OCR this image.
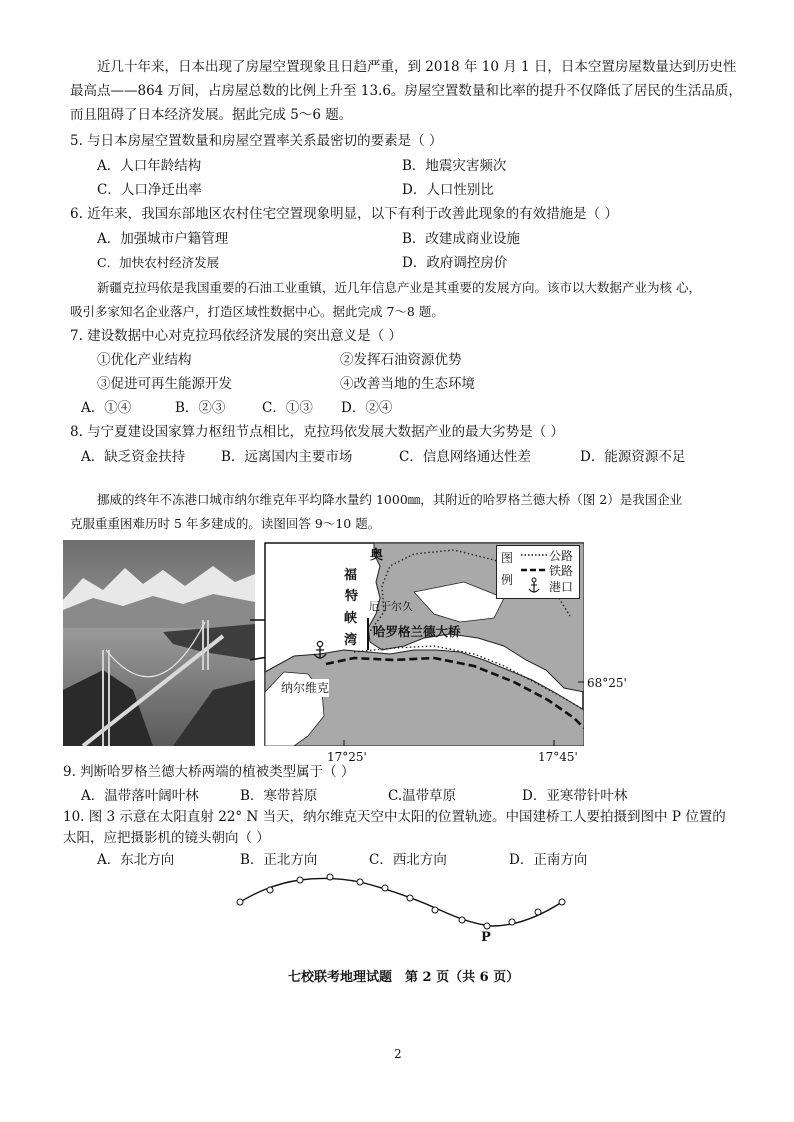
近几十年来，日本出现了房屋空置现象且日趋严重，到 2018 年 10 月 1 日，日本空置房屋数量达到历史性
最高点——864 万间，占房屋总数的比例上升至 13.6。房屋空置数量和比率的提升不仅降低了居民的生活品质，
而且阻碍了日本经济发展。据此完成 5～6 题。
5. 与日本房屋空置数量和房屋空置率关系最密切的要素是（ ）
A．人口年龄结构	B．地震灾害频次
C．人口净迁出率	D．人口性别比
6. 近年来，我国东部地区农村住宅空置现象明显，以下有利于改善此现象的有效措施是（ ）
A．加强城市户籍管理	B．改建成商业设施
C．加快农村经济发展	D．政府调控房价
新疆克拉玛依是我国重要的石油工业重镇，近几年信息产业是其重要的发展方向。该市以大数据产业为核 心，
吸引多家知名企业落户，打造区域性数据中心。据此完成 7～8 题。
7. 建设数据中心对克拉玛依经济发展的突出意义是（ ）
①优化产业结构	②发挥石油资源优势
③促进可再生能源开发	④改善当地的生态环境
A．①④	B．②③	C．①③ D．②④
8. 与宁夏建设国家算力枢纽节点相比，克拉玛依发展大数据产业的最大劣势是（ ）
A．缺乏资金扶持	B．远离国内主要市场	C．信息网络通达性差	D．能源资源不足
挪威的终年不冻港口城市纳尔维克年平均降水量约 1000㎜，其附近的哈罗格兰德大桥（图 2）是我国企业
克服重重困难历时 5 年多建成的。读图回答 9～10 题。
奥
福
特
峡
湾
厄于尔久
哈罗格兰德大桥
纳尔维克	68°25'
17°25'	17°45'
图
例
公路
铁路
港口
9. 判断哈罗格兰德大桥两端的植被类型属于（ ）
A．温带落叶阔叶林	B．寒带苔原	C.温带草原	D．亚寒带针叶林
10. 图 3 示意在太阳直射 22° N 当天，纳尔维克天空中太阳的位置轨迹。中国建桥工人要拍摄到图中 P 位置的
太阳，应把摄影机的镜头朝向（ ）
A．东北方向	B．正北方向	C．西北方向	D．正南方向
P
七校联考地理试题　第 2 页（共 6 页）
2
